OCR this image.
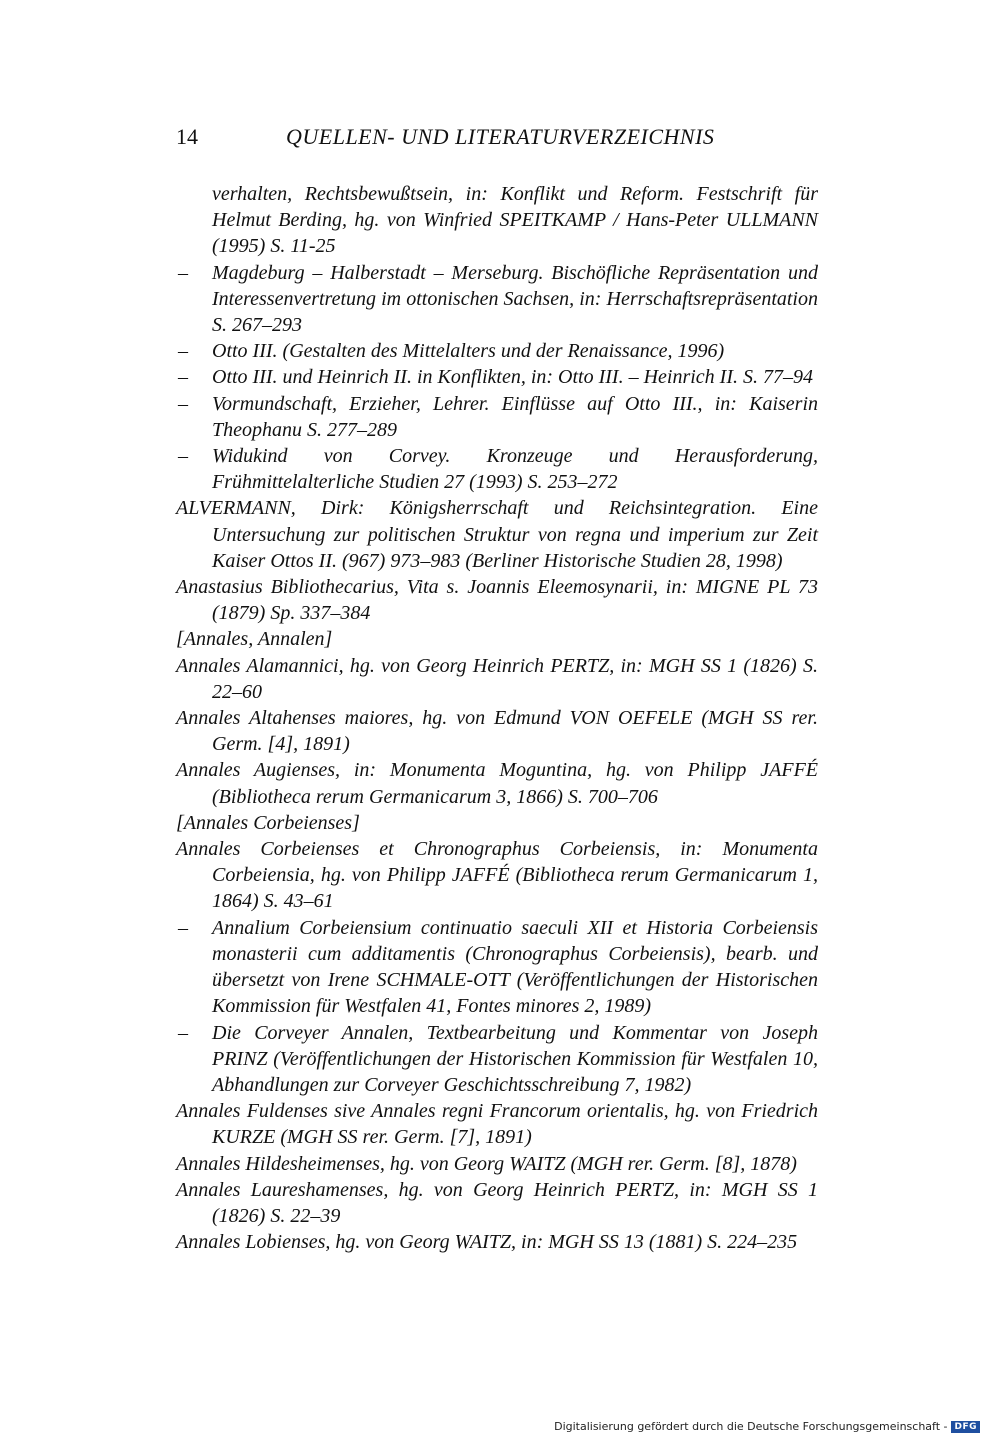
14	QUELLEN- UND LITERATURVERZEICHNIS
verhalten, Rechtsbewußtsein, in: Konflikt und Reform. Festschrift für Helmut Berding, hg. von Winfried SPEITKAMP / Hans-Peter ULLMANN (1995) S. 11-25
– Magdeburg – Halberstadt – Merseburg. Bischöfliche Repräsentation und Interessenvertretung im ottonischen Sachsen, in: Herrschaftsrepräsentation S. 267–293
– Otto III. (Gestalten des Mittelalters und der Renaissance, 1996)
– Otto III. und Heinrich II. in Konflikten, in: Otto III. – Heinrich II. S. 77–94
– Vormundschaft, Erzieher, Lehrer. Einflüsse auf Otto III., in: Kaiserin Theophanu S. 277–289
– Widukind von Corvey. Kronzeuge und Herausforderung, Frühmittelalterliche Studien 27 (1993) S. 253–272
ALVERMANN, Dirk: Königsherrschaft und Reichsintegration. Eine Untersuchung zur politischen Struktur von regna und imperium zur Zeit Kaiser Ottos II. (967) 973–983 (Berliner Historische Studien 28, 1998)
Anastasius Bibliothecarius, Vita s. Joannis Eleemosynarii, in: MIGNE PL 73 (1879) Sp. 337–384
[Annales, Annalen]
Annales Alamannici, hg. von Georg Heinrich PERTZ, in: MGH SS 1 (1826) S. 22–60
Annales Altahenses maiores, hg. von Edmund VON OEFELE (MGH SS rer. Germ. [4], 1891)
Annales Augienses, in: Monumenta Moguntina, hg. von Philipp JAFFÉ (Bibliotheca rerum Germanicarum 3, 1866) S. 700–706
[Annales Corbeienses]
Annales Corbeienses et Chronographus Corbeiensis, in: Monumenta Corbeiensia, hg. von Philipp JAFFÉ (Bibliotheca rerum Germanicarum 1, 1864) S. 43–61
– Annalium Corbeiensium continuatio saeculi XII et Historia Corbeiensis monasterii cum additamentis (Chronographus Corbeiensis), bearb. und übersetzt von Irene SCHMALE-OTT (Veröffentlichungen der Historischen Kommission für Westfalen 41, Fontes minores 2, 1989)
– Die Corveyer Annalen, Textbearbeitung und Kommentar von Joseph PRINZ (Veröffentlichungen der Historischen Kommission für Westfalen 10, Abhandlungen zur Corveyer Geschichtsschreibung 7, 1982)
Annales Fuldenses sive Annales regni Francorum orientalis, hg. von Friedrich KURZE (MGH SS rer. Germ. [7], 1891)
Annales Hildesheimenses, hg. von Georg WAITZ (MGH rer. Germ. [8], 1878)
Annales Laureshamenses, hg. von Georg Heinrich PERTZ, in: MGH SS 1 (1826) S. 22–39
Annales Lobienses, hg. von Georg WAITZ, in: MGH SS 13 (1881) S. 224–235
Digitalisierung gefördert durch die Deutsche Forschungsgemeinschaft - DFG
